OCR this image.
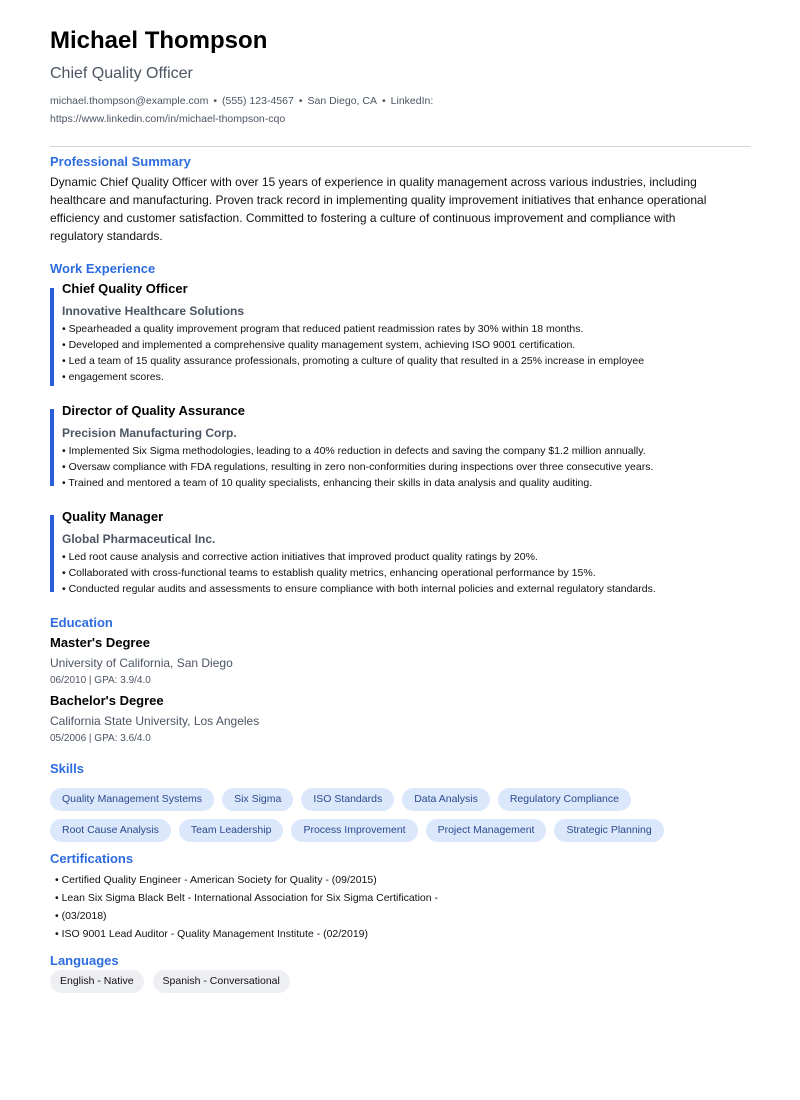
Michael Thompson
Chief Quality Officer
michael.thompson@example.com • (555) 123-4567 • San Diego, CA • LinkedIn:
https://www.linkedin.com/in/michael-thompson-cqo
Professional Summary

Dynamic Chief Quality Officer with over 15 years of experience in quality management across various industries, including healthcare and manufacturing. Proven track record in implementing quality improvement initiatives that enhance operational efficiency and customer satisfaction. Committed to fostering a culture of continuous improvement and compliance with regulatory standards.

Work Experience
Chief Quality Officer
Innovative Healthcare Solutions
• Spearheaded a quality improvement program that reduced patient readmission rates by 30% within 18 months.
• Developed and implemented a comprehensive quality management system, achieving ISO 9001 certification.
• Led a team of 15 quality assurance professionals, promoting a culture of quality that resulted in a 25% increase in employee
• engagement scores.
Director of Quality Assurance
Precision Manufacturing Corp.
• Implemented Six Sigma methodologies, leading to a 40% reduction in defects and saving the company $1.2 million annually.
• Oversaw compliance with FDA regulations, resulting in zero non-conformities during inspections over three consecutive years.
• Trained and mentored a team of 10 quality specialists, enhancing their skills in data analysis and quality auditing.
Quality Manager
Global Pharmaceutical Inc.
• Led root cause analysis and corrective action initiatives that improved product quality ratings by 20%.
• Collaborated with cross-functional teams to establish quality metrics, enhancing operational performance by 15%.
• Conducted regular audits and assessments to ensure compliance with both internal policies and external regulatory standards.
Education
Master's Degree
University of California, San Diego
06/2010 | GPA: 3.9/4.0
Bachelor's Degree
California State University, Los Angeles
05/2006 | GPA: 3.6/4.0
Skills
Quality Management Systems	Six Sigma	ISO Standards	Data Analysis	Regulatory Compliance
Root Cause Analysis	Team Leadership	Process Improvement	Project Management	Strategic Planning
Certifications
• Certified Quality Engineer - American Society for Quality - (09/2015)
• Lean Six Sigma Black Belt - International Association for Six Sigma Certification -
• (03/2018)
• ISO 9001 Lead Auditor - Quality Management Institute - (02/2019)
Languages
English - Native	Spanish - Conversational
